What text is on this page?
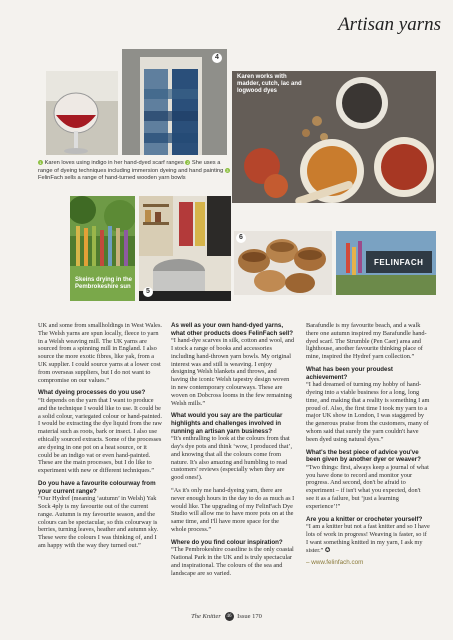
Artisan yarns
4
Karen works with madder, cutch, lac and logwood dyes
1 Karen loves using indigo in her hand-dyed scarf ranges 2 She uses a range of dyeing techniques including immersion dyeing and hand painting 3 FelinFach sells a range of hand-turned wooden yarn bowls
Skeins drying in the Pembrokeshire sun
5
6
FELINFACH

UK and some from smallholdings in West Wales. The Welsh yarns are spun locally, fleece to yarn in a Welsh weaving mill. The UK yarns are sourced from a spinning mill in England. I also source the more exotic fibres, like yak, from a UK supplier. I could source yarns at a lower cost from overseas suppliers, but I do not want to compromise on our values.”

What dyeing processes do you use?

“It depends on the yarn that I want to produce and the technique I would like to use. It could be a solid colour, variegated colour or hand-painted. I would be extracting the dye liquid from the raw material such as roots, bark or insect. I also use ethically sourced extracts. Some of the processes are dyeing in one pot on a heat source, or it could be an indigo vat or even hand-painted. These are the main processes, but I do like to experiment with new or different techniques.”

Do you have a favourite colourway from your current range?

“Our Hydref (meaning ‘autumn’ in Welsh) Yak Sock 4ply is my favourite out of the current range. Autumn is my favourite season, and the colours can be spectacular, so this colourway is berries, turning leaves, heather and autumn sky. These were the colours I was thinking of, and I am happy with the way they turned out.”

As well as your own hand-dyed yarns, what other products does FelinFach sell?

“I hand-dye scarves in silk, cotton and wool, and I stock a range of books and accessories including hand-thrown yarn bowls. My original interest was and still is weaving. I enjoy designing Welsh blankets and throws, and having the iconic Welsh tapestry design woven in new contemporary colourways. These are woven on Dobcross looms in the few remaining Welsh mills.”

What would you say are the particular highlights and challenges involved in running an artisan yarn business?

“It's enthralling to look at the colours from that day's dye pots and think ‘wow, I produced that’, and knowing that all the colours come from nature. It's also amazing and humbling to read customers' reviews (especially when they are good ones!).

“As it's only me hand-dyeing yarn, there are never enough hours in the day to do as much as I would like. The upgrading of my FelinFach Dye Studio will allow me to have more pots on at the same time, and I'll have more space for the whole process.”

Where do you find colour inspiration?

“The Pembrokeshire coastline is the only coastal National Park in the UK and is truly spectacular and inspirational. The colours of the sea and landscape are so varied.

Barafundle is my favourite beach, and a walk there one autumn inspired my Barafundle hand-dyed scarf. The Strumble (Pen Caer) area and lighthouse, another favourite thinking place of mine, inspired the Hydref yarn collection.”

What has been your proudest achievement?

“I had dreamed of turning my hobby of hand-dyeing into a viable business for a long, long time, and making that a reality is something I am proud of. Also, the first time I took my yarn to a major UK show in London, I was staggered by the generous praise from the customers, many of whom said that surely the yarn couldn't have been dyed using natural dyes.”

What's the best piece of advice you've been given by another dyer or weaver?

“Two things: first, always keep a journal of what you have done to record and monitor your progress. And second, don't be afraid to experiment – if isn't what you expected, don't see it as a failure, but ‘just a learning experience’!”

Are you a knitter or crocheter yourself?

“I am a knitter but not a fast knitter and so I have lots of work in progress! Weaving is faster, so if I want something knitted in my yarn, I ask my sister.” ✪

– www.felinfach.com

The Knitter 46 Issue 170
